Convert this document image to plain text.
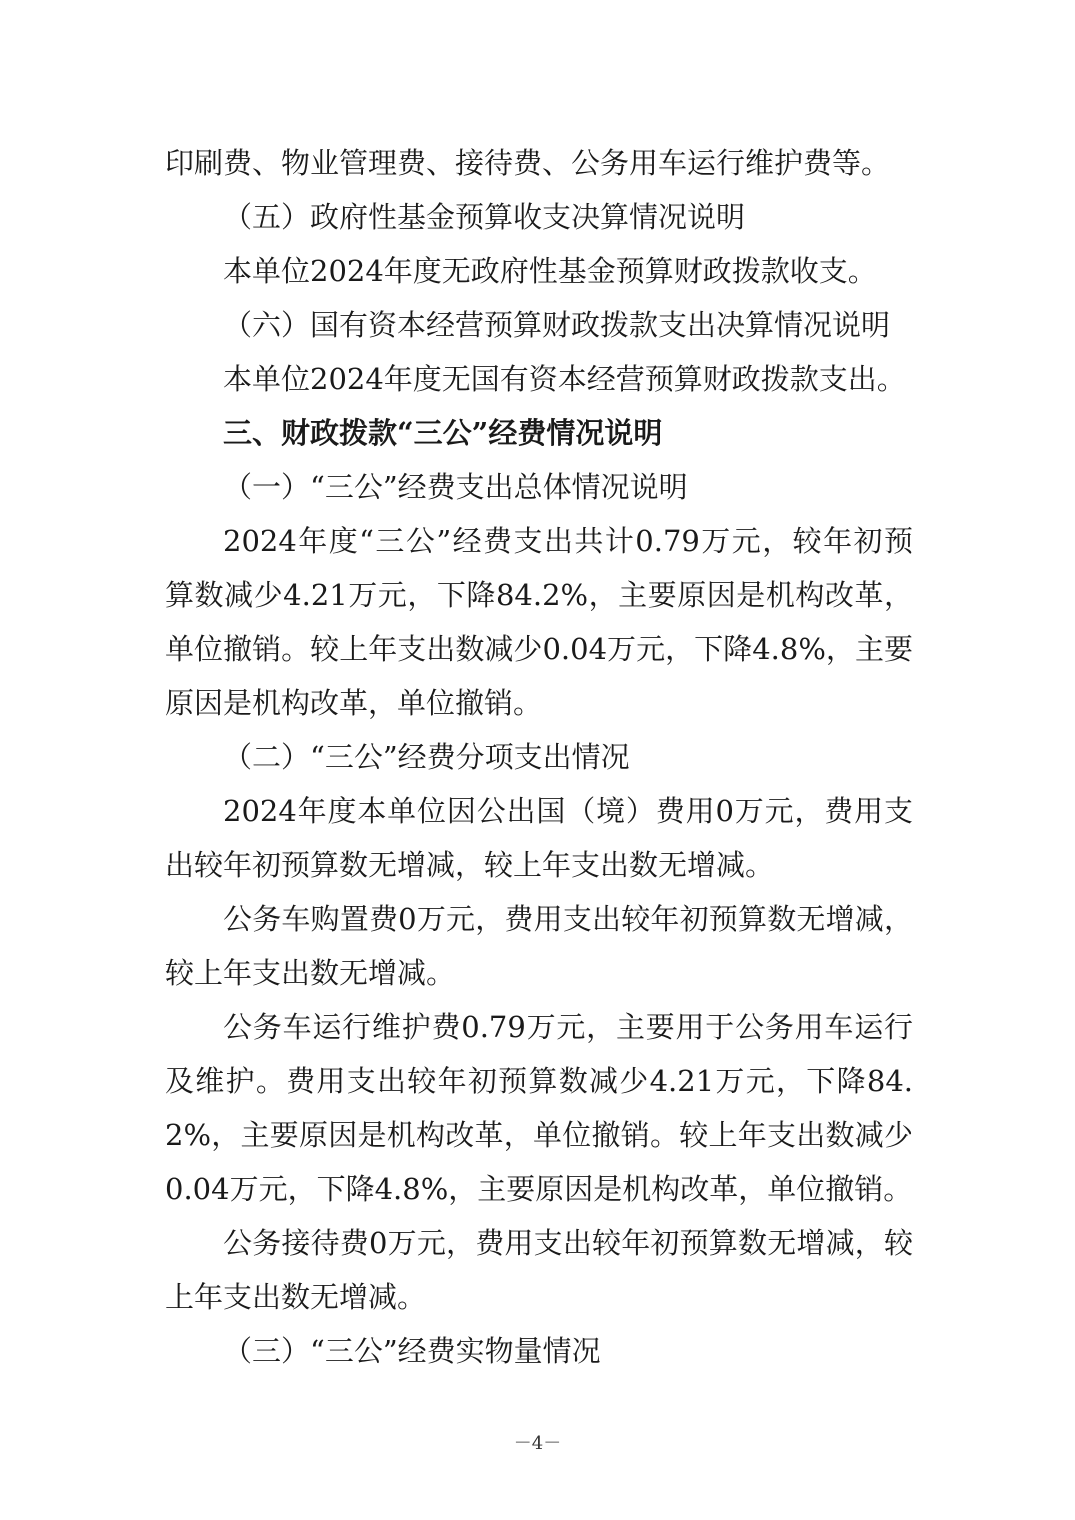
印刷费、物业管理费、接待费、公务用车运行维护费等。

（五）政府性基金预算收支决算情况说明

本单位2024年度无政府性基金预算财政拨款收支。

（六）国有资本经营预算财政拨款支出决算情况说明

本单位2024年度无国有资本经营预算财政拨款支出。

三、财政拨款“三公”经费情况说明

（一）“三公”经费支出总体情况说明

2024年度“三公”经费支出共计0.79万元，较年初预算数减少4.21万元，下降84.2%，主要原因是机构改革，单位撤销。较上年支出数减少0.04万元，下降4.8%，主要原因是机构改革，单位撤销。

（二）“三公”经费分项支出情况

2024年度本单位因公出国（境）费用0万元，费用支出较年初预算数无增减，较上年支出数无增减。

公务车购置费0万元，费用支出较年初预算数无增减，较上年支出数无增减。

公务车运行维护费0.79万元，主要用于公务用车运行及维护。费用支出较年初预算数减少4.21万元，下降84.2%，主要原因是机构改革，单位撤销。较上年支出数减少0.04万元，下降4.8%，主要原因是机构改革，单位撤销。

公务接待费0万元，费用支出较年初预算数无增减，较上年支出数无增减。

（三）“三公”经费实物量情况

－4－
